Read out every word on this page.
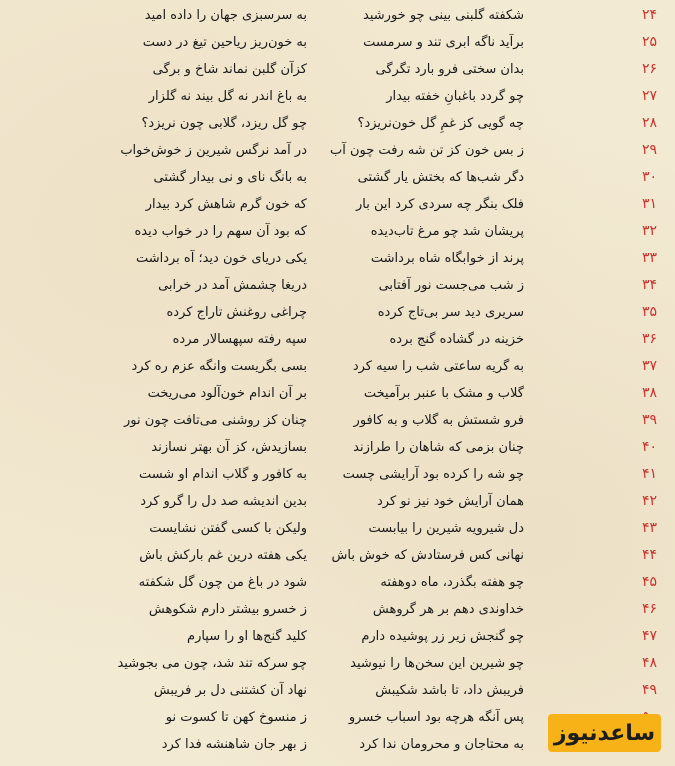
۲۴
شکفته گلبنی بینی چو خورشید
به سرسبزی جهان را داده امید
۲۵
برآید ناگه ابری تند و سرمست
به خون‌ریز ریاحین تیغ در دست
۲۶
بدان سختی فرو بارد تگرگی
کزآن گلبن نماند شاخ و برگی
۲۷
چو گردد باغبانِ خفته بیدار
به باغ اندر نه گل بیند نه گلزار
۲۸
چه گویی کز غمِ گل خون‌نریزد؟
چو گل ریزد، گلابی چون نریزد؟
۲۹
ز بس خون کز تن شه رفت چون آب
در آمد نرگس شیرین ز خوش‌خواب
۳۰
دگر شب‌ها که بختش یار گشتی
به بانگ نای و نی بیدار گشتی
۳۱
فلک بنگر چه سردی کرد این بار
که خون گرم شاهش کرد بیدار
۳۲
پریشان شد چو مرغ تاب‌دیده
که بود آن سهم را در خواب دیده
۳۳
پرند از خوابگاه شاه برداشت
یکی دریای خون دید؛ آه برداشت
۳۴
ز شب می‌جست نور آفتابی
دریغا چشمش آمد در خرابی
۳۵
سریری دید سر بی‌تاج کرده
چراغی روغنش تاراج کرده
۳۶
خزینه در گشاده گنج برده
سپه رفته سپهسالار مرده
۳۷
به گریه ساعتی شب را سیه کرد
بسی بگریست وانگه عزم ره کرد
۳۸
گلاب و مشک با عنبر برآمیخت
بر آن اندام خون‌آلود می‌ریخت
۳۹
فرو شستش به گلاب و به کافور
چنان کز روشنی می‌تافت چون نور
۴۰
چنان بزمی که شاهان را طرازند
بسازیدش، کز آن بهتر نسازند
۴۱
چو شه را کرده بود آرایشی چست
به کافور و گلاب اندام او شست
۴۲
همان آرایش خود نیز نو کرد
بدین اندیشه صد دل را گرو کرد
۴۳
دل شیرویه شیرین را بیابست
ولیکن با کسی گفتن نشایست
۴۴
نهانی کس فرستادش که خوش باش
یکی هفته درین غم بارکش باش
۴۵
چو هفته بگذرد، ماه دوهفته
شود در باغ من چون گل شکفته
۴۶
خداوندی دهم بر هر گروهش
ز خسرو بیشتر دارم شکوهش
۴۷
چو گنجش زیر زر پوشیده دارم
کلید گنج‌ها او را سپارم
۴۸
چو شیرین این سخن‌ها را نیوشید
چو سرکه تند شد، چون می بجوشید
۴۹
فریبش داد، تا باشد شکیبش
نهاد آن کشتنی دل بر فریبش
پس آنگه هرچه بود اسباب خسرو
ز منسوخ کهن تا کسوت نو
به محتاجان و محرومان ندا کرد
ز بهر جان شاهنشه فدا کرد	ساعدنیوز
